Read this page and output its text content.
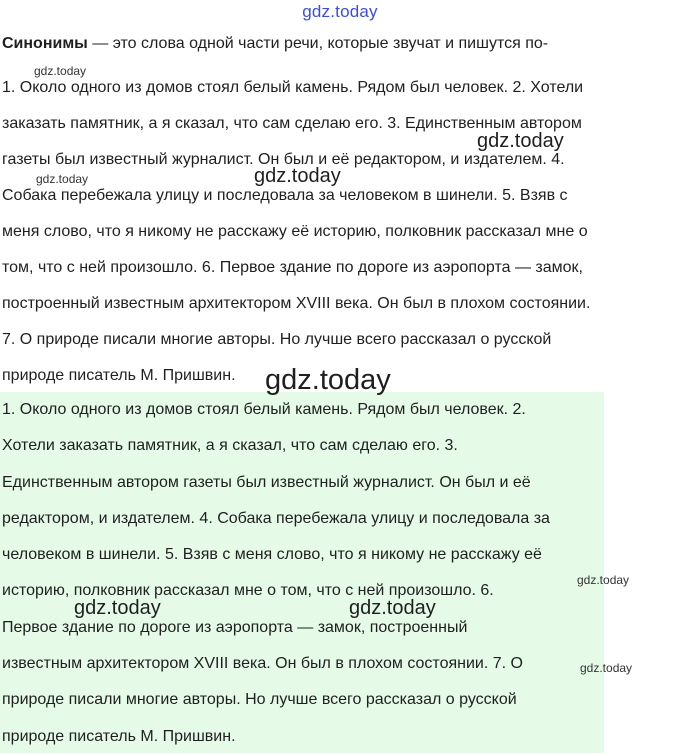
gdz.today
Синонимы — это слова одной части речи, которые звучат и пишутся по-
1. Около одного из домов стоял белый камень. Рядом был человек. 2. Хотели
заказать памятник, а я сказал, что сам сделаю его. 3. Единственным автором
газеты был известный журналист. Он был и её редактором, и издателем. 4.
Собака перебежала улицу и последовала за человеком в шинели. 5. Взяв с
меня слово, что я никому не расскажу её историю, полковник рассказал мне о
том, что с ней произошло. 6. Первое здание по дороге из аэропорта — замок,
построенный известным архитектором XVIII века. Он был в плохом состоянии.
7. О природе писали многие авторы. Но лучше всего рассказал о русской
природе писатель М. Пришвин.
1. Около одного из домов стоял белый камень. Рядом был человек. 2.
Хотели заказать памятник, а я сказал, что сам сделаю его. 3.
Единственным автором газеты был известный журналист. Он был и её
редактором, и издателем. 4. Собака перебежала улицу и последовала за
человеком в шинели. 5. Взяв с меня слово, что я никому не расскажу её
историю, полковник рассказал мне о том, что с ней произошло. 6.
Первое здание по дороге из аэропорта — замок, построенный
известным архитектором XVIII века. Он был в плохом состоянии. 7. О
природе писали многие авторы. Но лучше всего рассказал о русской
природе писатель М. Пришвин.
gdz.today
gdz.today
gdz.today	gdz.today
gdz.today
gdz.today
gdz.today	gdz.today
gdz.today
